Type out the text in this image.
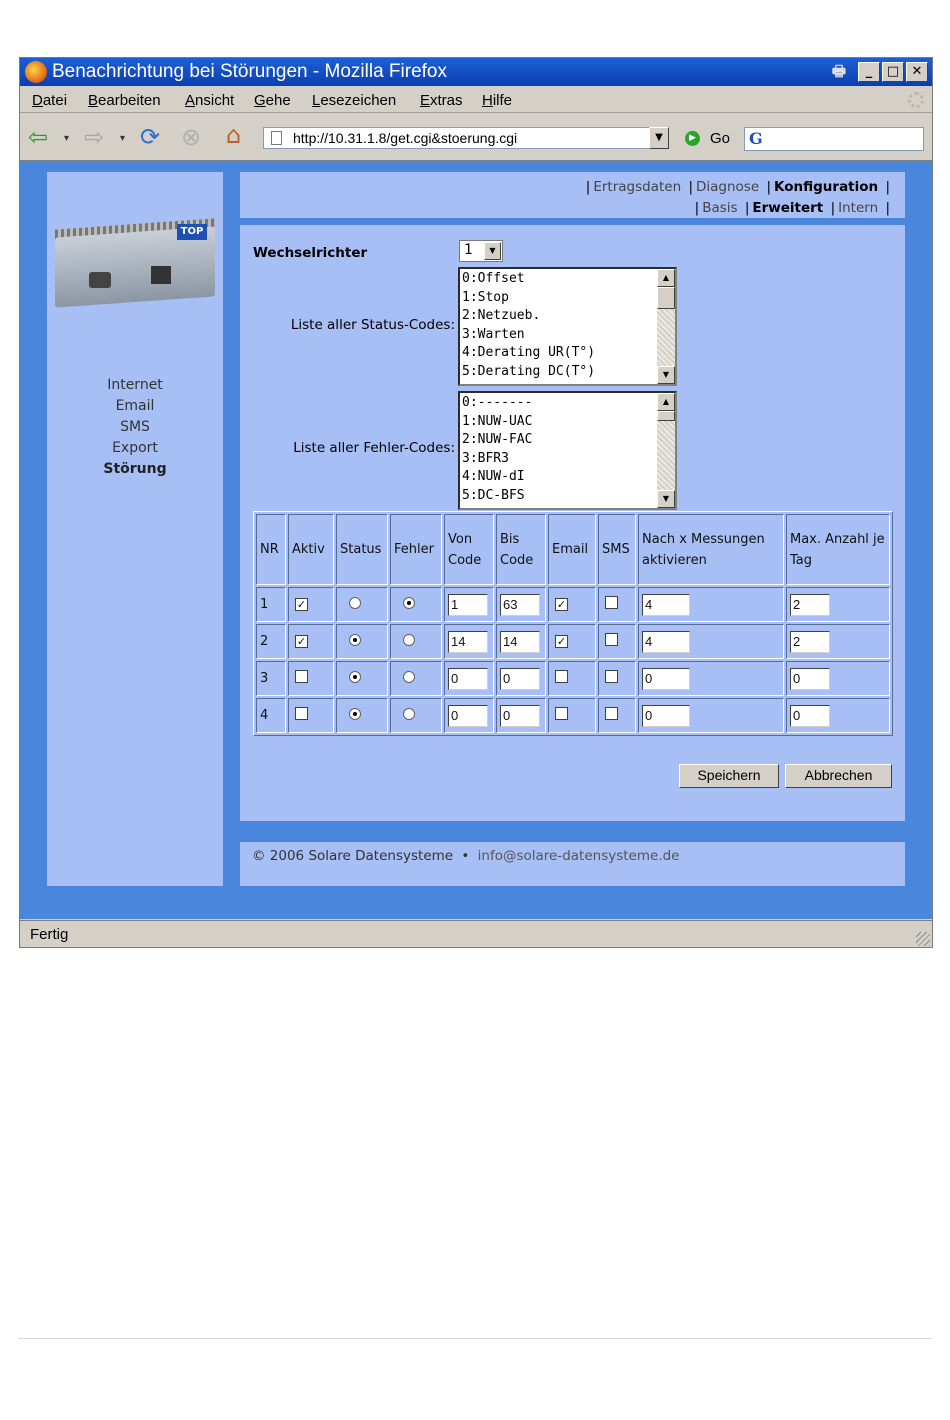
Benachrichtung bei Störungen - Mozilla Firefox	🖶	_	□ ✕
Datei Bearbeiten Ansicht Gehe Lesezeichen Extras Hilfe
⇦ ▾ ⇨ ▾ ⟳ ⊗ ⌂	http://10.31.1.8/get.cgi&stoerung.cgi	▼	▶ Go G
TOP
Internet
Email
SMS
Export
Störung
| Ertragsdaten | Diagnose | Konfiguration |
| Basis | Erweitert | Intern |
Wechselrichter	1	▼
Liste aller Status-Codes:
0:Offset
1:Stop
2:Netzueb.
3:Warten
4:Derating UR(T°)
5:Derating DC(T°)
▲
▼
Liste aller Fehler-Codes:
0:-------
1:NUW-UAC
2:NUW-FAC
3:BFR3
4:NUW-dI
5:DC-BFS
▲
▼
NR	Aktiv	Status	Fehler	Von Code	Bis Code	Email	SMS	Nach x Messungen aktivieren	Max. Anzahl je Tag
1	✓			1	63	✓		4	2
2	✓			14	14	✓		4	2
3				0	0			0	0
4				0	0			0	0
Speichern	Abbrechen
© 2006 Solare Datensysteme • info@solare-datensysteme.de
Fertig
